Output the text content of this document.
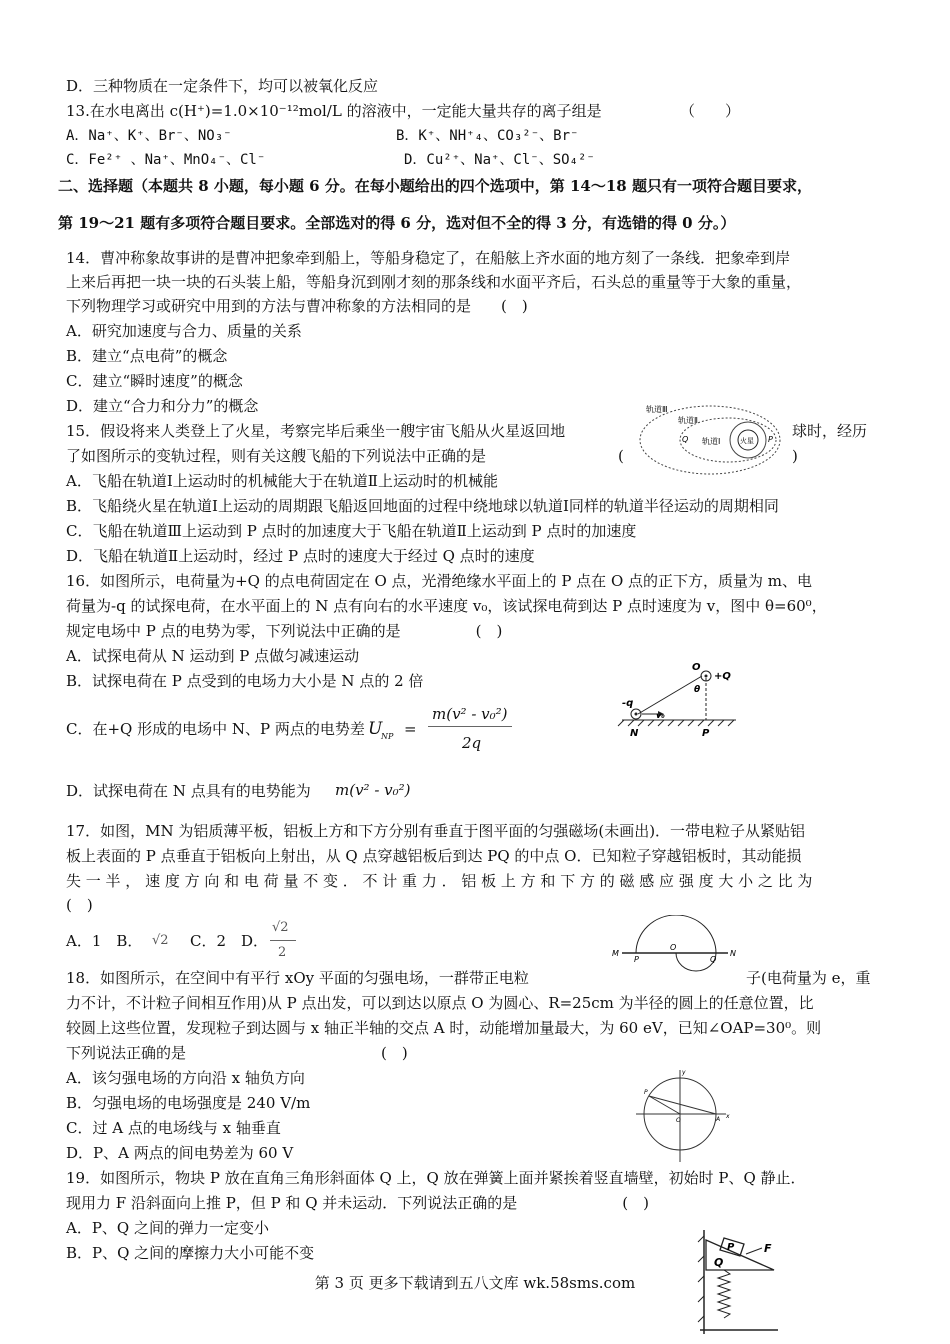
D．三种物质在一定条件下，均可以被氧化反应
13.在水电离出 c(H⁺)=1.0×10⁻¹²mol/L 的溶液中，一定能大量共存的离子组是	（　　）
A．Na⁺、K⁺、Br⁻、NO₃⁻	B．K⁺、NH⁺₄、CO₃²⁻、Br⁻
C．Fe²⁺ 、Na⁺、MnO₄⁻、Cl⁻	D．Cu²⁺、Na⁺、Cl⁻、SO₄²⁻
二、选择题（本题共 8 小题，每小题 6 分。在每小题给出的四个选项中，第 14～18 题只有一项符合题目要求，
第 19～21 题有多项符合题目要求。全部选对的得 6 分，选对但不全的得 3 分，有选错的得 0 分。）
14．曹冲称象故事讲的是曹冲把象牵到船上，等船身稳定了，在船舷上齐水面的地方刻了一条线．把象牵到岸
上来后再把一块一块的石头装上船，等船身沉到刚才刻的那条线和水面平齐后，石头总的重量等于大象的重量，
下列物理学习或研究中用到的方法与曹冲称象的方法相同的是　　(　)
A．研究加速度与合力、质量的关系
B．建立“点电荷”的概念
C．建立“瞬时速度”的概念
D．建立“合力和分力”的概念
15．假设将来人类登上了火星，考察完毕后乘坐一艘宇宙飞船从火星返回地	球时，经历
了如图所示的变轨过程，则有关这艘飞船的下列说法中正确的是	(	)
A．飞船在轨道Ⅰ上运动时的机械能大于在轨道Ⅱ上运动时的机械能
B．飞船绕火星在轨道Ⅰ上运动的周期跟飞船返回地面的过程中绕地球以轨道Ⅰ同样的轨道半径运动的周期相同
C．飞船在轨道Ⅲ上运动到 P 点时的加速度大于飞船在轨道Ⅱ上运动到 P 点时的加速度
D．飞船在轨道Ⅱ上运动时，经过 P 点时的速度大于经过 Q 点时的速度
轨道Ⅲ
轨道Ⅱ
轨道Ⅰ	火星
Q	P
16．如图所示，电荷量为+Q 的点电荷固定在 O 点，光滑绝缘水平面上的 P 点在 O 点的正下方，质量为 m、电
荷量为-q 的试探电荷，在水平面上的 N 点有向右的水平速度 v₀，该试探电荷到达 P 点时速度为 v，图中 θ=60⁰，
规定电场中 P 点的电势为零，下列说法中正确的是　　　　　(　)
A．试探电荷从 N 运动到 P 点做匀减速运动
B．试探电荷在 P 点受到的电场力大小是 N 点的 2 倍
C．在+Q 形成的电场中 N、P 两点的电势差 U
NP =
m(v² - v₀²)
2q
D．试探电荷在 N 点具有的电势能为 m(v² - v₀²)
O
+Q
-q
v₀
θ
N	P
17．如图，MN 为铝质薄平板，铝板上方和下方分别有垂直于图平面的匀强磁场(未画出)．一带电粒子从紧贴铝
板上表面的 P 点垂直于铝板向上射出，从 Q 点穿越铝板后到达 PQ 的中点 O．已知粒子穿越铝板时，其动能损
失 一 半 ， 速 度 方 向 和 电 荷 量 不 变 ． 不 计 重 力 ． 铝 板 上 方 和 下 方 的 磁 感 应 强 度 大 小 之 比 为
(　)
A．1　B． √2 C．2　D．
√2
2	M
P
O
Q
N
18．如图所示，在空间中有平行 xOy 平面的匀强电场，一群带正电粒	子(电荷量为 e，重
力不计，不计粒子间相互作用)从 P 点出发，可以到达以原点 O 为圆心、R=25cm 为半径的圆上的任意位置，比
较圆上这些位置，发现粒子到达圆与 x 轴正半轴的交点 A 时，动能增加量最大，为 60 eV，已知∠OAP=30⁰。则
下列说法正确的是　　　　　　　　　　　　　(　)
A．该匀强电场的方向沿 x 轴负方向
B．匀强电场的电场强度是 240 V/m
C．过 A 点的电场线与 x 轴垂直
D．P、A 两点的间电势差为 60 V
P
O	A x
y
19．如图所示，物块 P 放在直角三角形斜面体 Q 上，Q 放在弹簧上面并紧挨着竖直墙壁，初始时 P、Q 静止．
现用力 F 沿斜面向上推 P，但 P 和 Q 并未运动．下列说法正确的是　　　　　　　(　)
A．P、Q 之间的弹力一定变小
B．P、Q 之间的摩擦力大小可能不变	P
Q
F
第 3 页 更多下载请到五八文库 wk.58sms.com
